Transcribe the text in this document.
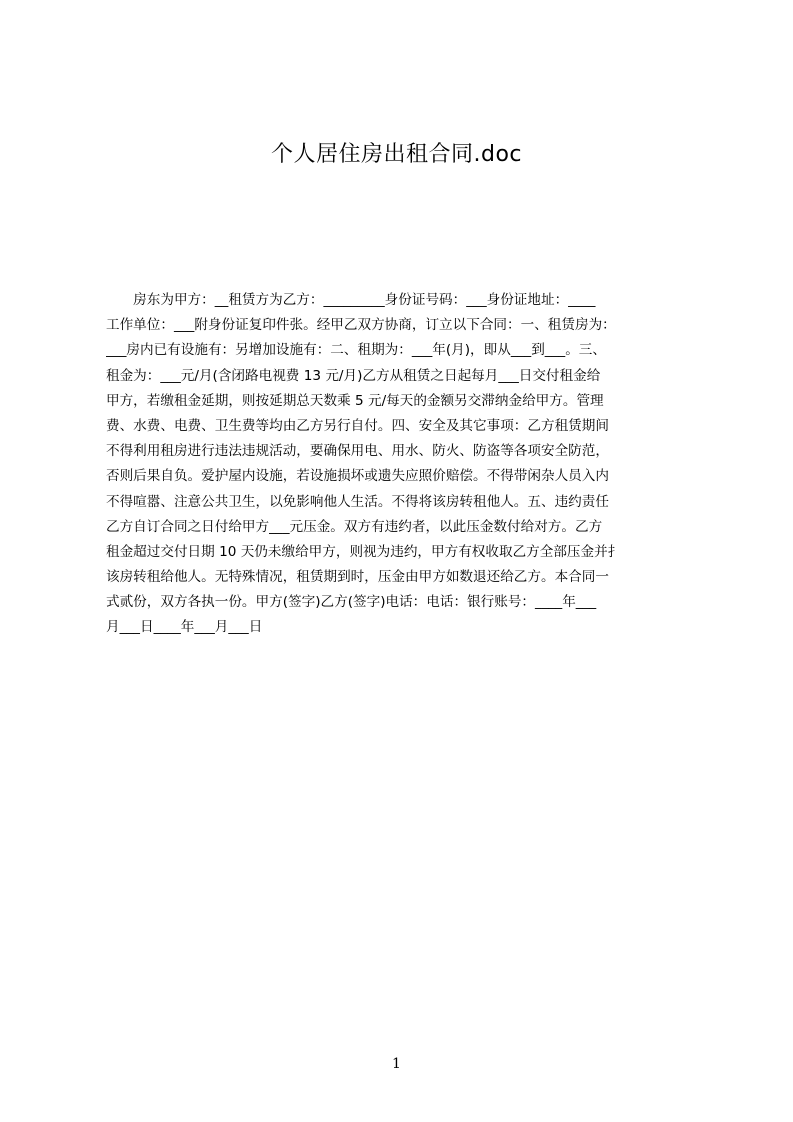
个人居住房出租合同.doc
　　房东为甲方：__租赁方为乙方：_________身份证号码：___身份证地址：____
工作单位：___附身份证复印件张。经甲乙双方协商，订立以下合同：一、租赁房为：
___房内已有设施有：另增加设施有：二、租期为：___年(月)，即从___到___。三、
租金为：___元/月(含闭路电视费 13 元/月)乙方从租赁之日起每月___日交付租金给
甲方，若缴租金延期，则按延期总天数乘 5 元/每天的金额另交滞纳金给甲方。管理
费、水费、电费、卫生费等均由乙方另行自付。四、安全及其它事项：乙方租赁期间
不得利用租房进行违法违规活动，要确保用电、用水、防火、防盗等各项安全防范，
否则后果自负。爱护屋内设施，若设施损坏或遗失应照价赔偿。不得带闲杂人员入内
不得喧嚣、注意公共卫生，以免影响他人生活。不得将该房转租他人。五、违约责任
乙方自订合同之日付给甲方___元压金。双方有违约者，以此压金数付给对方。乙方
租金超过交付日期 10 天仍未缴给甲方，则视为违约，甲方有权收取乙方全部压金并扌
该房转租给他人。无特殊情况，租赁期到时，压金由甲方如数退还给乙方。本合同一
式贰份，双方各执一份。甲方(签字)乙方(签字)电话：电话：银行账号：____年___
月___日____年___月___日
1
